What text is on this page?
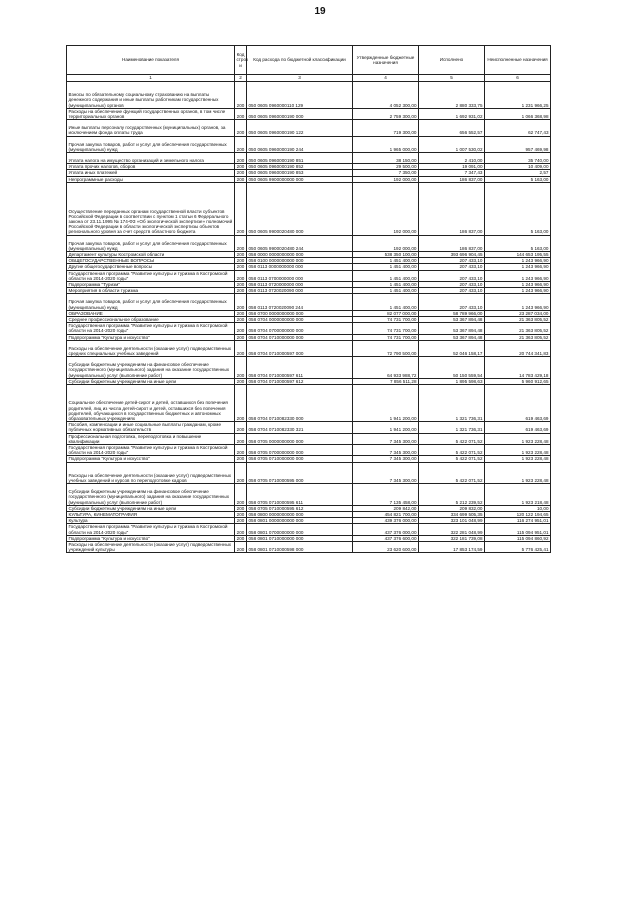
19
Наименование показателя	Код строк и	Код расхода по бюджетной классификации	Утвержденные бюджетные назначения	Исполнено	Неисполненные назначения
1	2	3	4	5	6
Взносы по обязательному социальному страхованию на выплаты денежного содержания и иные выплаты работникам государственных (муниципальных) органов	200	050 0605 0960000110 129	4 052 300,00	2 880 333,75	1 231 966,25
Расходы на обеспечение функций государственных органов, в том числе территориальных органов	200	050 0605 0960000190 000	2 759 300,00	1 692 931,02	1 066 368,98
Иные выплаты персоналу государственных (муниципальных) органов, за исключением фонда оплаты труда	200	050 0605 0960000190 122	719 300,00	656 552,57	62 747,43
Прочая закупка товаров, работ и услуг для обеспечения государственных (муниципальных) нужд	200	050 0605 0960000190 244	1 965 000,00	1 007 530,02	957 469,98
Уплата налога на имущество организаций и земельного налога	200	050 0605 0960000190 851	38 150,00	2 410,00	35 740,00
Уплата прочих налогов, сборов	200	050 0605 0960000190 852	29 500,00	19 091,00	10 409,00
Уплата иных платежей	200	050 0605 0960000190 853	7 350,00	7 347,43	2,57
Непрограммные расходы	200	050 0605 9900000000 000	192 000,00	186 837,00	5 163,00
Осуществление переданных органам государственной власти субъектов Российской Федерации в соответствии с пунктом 1 статьи 6 Федерального закона от 23.11.1995 № 174-ФЗ «Об экологической экспертизе» полномочий Российской Федерации в области экологической экспертизы объектов регионального уровня за счет средств областного бюджета	200	050 0605 9900020480 000	192 000,00	186 837,00	5 163,00
Прочая закупка товаров, работ и услуг для обеспечения государственных (муниципальных) нужд	200	050 0605 9900020480 244	192 000,00	186 837,00	5 163,00
Департамент культуры Костромской области	200	058 0000 0000000000 000	538 350 100,00	393 696 904,45	144 653 195,55
ОБЩЕГОСУДАРСТВЕННЫЕ ВОПРОСЫ	200	058 0100 0000000000 000	1 451 400,00	207 433,10	1 243 966,90
Другие общегосударственные вопросы	200	058 0113 0000000000 000	1 451 400,00	207 433,10	1 243 966,90
Государственная программа "Развитие культуры и туризма в Костромской области на 2014-2020 годы"	200	058 0113 0700000000 000	1 451 400,00	207 433,10	1 243 966,90
Подпрограмма "Туризм"	200	058 0113 0720000000 000	1 451 400,00	207 433,10	1 243 966,90
Мероприятия в области туризма	200	058 0113 0720020090 000	1 451 400,00	207 433,10	1 243 966,90
Прочая закупка товаров, работ и услуг для обеспечения государственных (муниципальных) нужд	200	058 0113 0720020090 244	1 451 400,00	207 433,10	1 243 966,90
ОБРАЗОВАНИЕ	200	058 0700 0000000000 000	82 077 000,00	58 789 966,00	23 287 034,00
Среднее профессиональное образование	200	058 0704 0000000000 000	74 731 700,00	53 367 894,48	21 363 805,52
Государственная программа "Развитие культуры и туризма в Костромской области на 2014-2020 годы"	200	058 0704 0700000000 000	74 731 700,00	53 367 894,48	21 363 805,52
Подпрограмма "Культура и искусство"	200	058 0704 0710000000 000	74 731 700,00	53 367 894,48	21 363 805,52
Расходы на обеспечение деятельности (оказание услуг) подведомственных средних специальных учебных заведений	200	058 0704 0710000597 000	72 790 500,00	52 046 158,17	20 744 341,83
Субсидии бюджетным учреждениям на финансовое обеспечение государственного (муниципального) задания на оказание государственных (муниципальных) услуг (выполнение работ)	200	058 0704 0710000597 611	64 933 988,72	50 150 559,54	14 783 429,18
Субсидии бюджетным учреждениям на иные цели	200	058 0704 0710000597 612	7 856 511,28	1 895 598,63	5 960 912,65
Социальное обеспечение детей-сирот и детей, оставшихся без попечения родителей, лиц из числа детей-сирот и детей, оставшихся без попечения родителей, обучающихся в государственных бюджетных и автономных образовательных учреждениях	200	058 0704 0710082330 000	1 941 200,00	1 321 736,31	619 463,69
Пособия, компенсации и иные социальные выплаты гражданам, кроме публичных нормативных обязательств	200	058 0704 0710082330 321	1 941 200,00	1 321 736,31	619 463,69
Профессиональная подготовка, переподготовка и повышение квалификации	200	058 0705 0000000000 000	7 345 300,00	5 422 071,52	1 923 228,48
Государственная программа "Развитие культуры и туризма в Костромской области на 2014-2020 годы"	200	058 0705 0700000000 000	7 345 300,00	5 422 071,52	1 923 228,48
Подпрограмма "Культура и искусство"	200	058 0705 0710000000 000	7 345 300,00	5 422 071,52	1 923 228,48
Расходы на обеспечение деятельности (оказание услуг) подведомственных учебных заведений и курсов по переподготовке кадров	200	058 0705 0710000595 000	7 345 300,00	5 422 071,52	1 923 228,48
Субсидии бюджетным учреждениям на финансовое обеспечение государственного (муниципального) задания на оказание государственных (муниципальных) услуг (выполнение работ)	200	058 0705 0710000595 611	7 135 458,00	5 212 239,52	1 923 218,48
Субсидии бюджетным учреждениям на иные цели	200	058 0705 0710000595 612	209 842,00	209 832,00	10,00
КУЛЬТУРА, КИНЕМАТОГРАФИЯ	200	058 0800 0000000000 000	454 821 700,00	334 699 505,35	120 122 194,65
Культура	200	058 0801 0000000000 000	439 376 000,00	323 101 048,99	116 274 951,01
Государственная программа "Развитие культуры и туризма в Костромской области на 2014-2020 годы"	200	058 0801 0700000000 000	437 376 000,00	322 281 048,99	115 094 951,01
Подпрограмма "Культура и искусство"	200	058 0801 0710000000 000	437 376 600,00	322 181 739,08	115 094 860,92
Расходы на обеспечение деятельности (оказание услуг) подведомственных учреждений культуры	200	058 0801 0710000598 000	23 620 600,00	17 853 174,59	5 776 425,41
